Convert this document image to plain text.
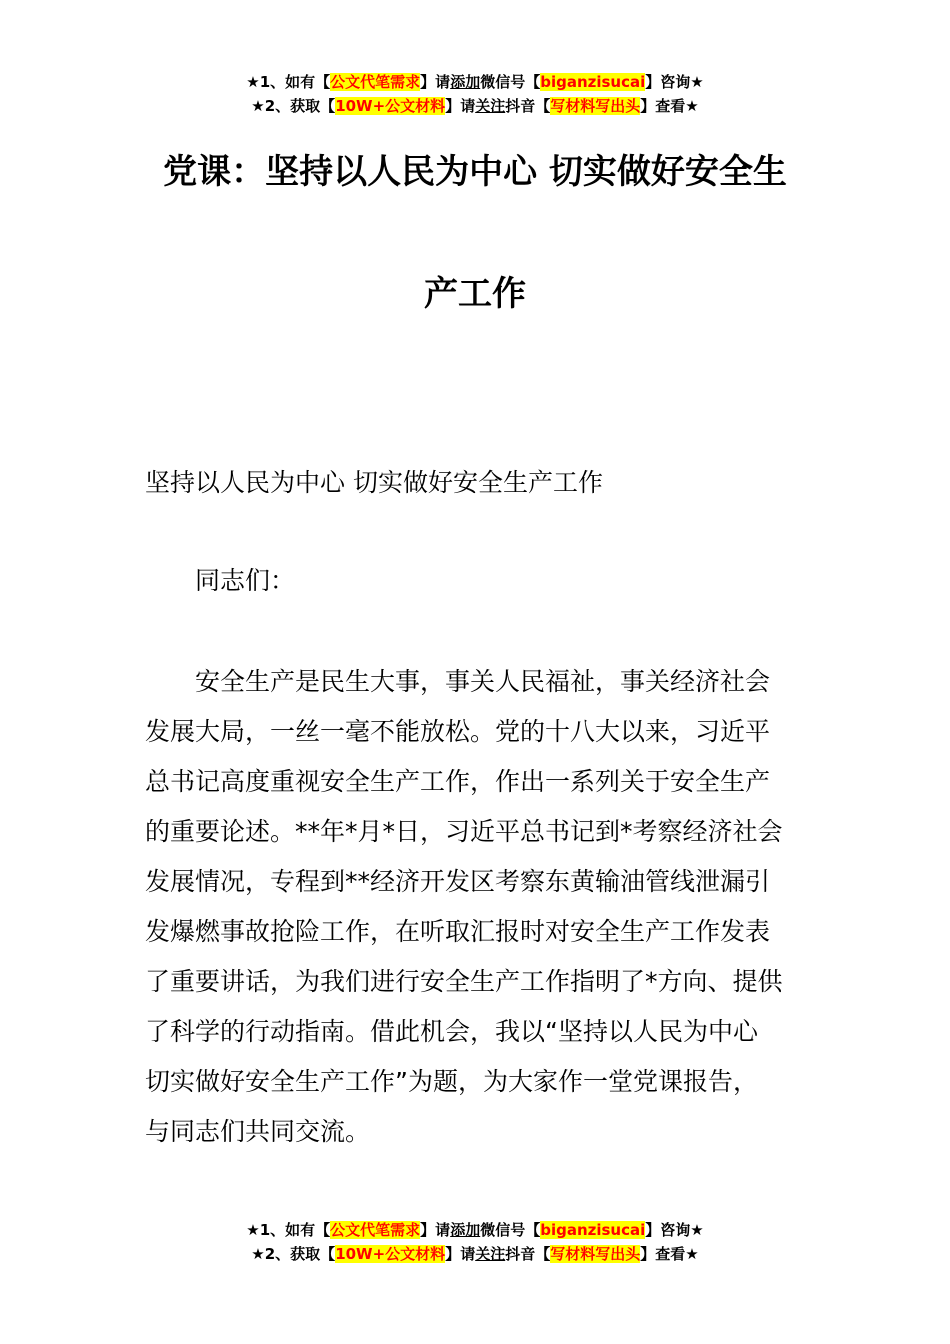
★1、如有【公文代笔需求】请添加微信号【biganzisucai】咨询★
★2、获取【10W+公文材料】请关注抖音【写材料写出头】查看★
党课：坚持以人民为中心 切实做好安全生
产工作

坚持以人民为中心 切实做好安全生产工作

同志们：

安全生产是民生大事，事关人民福祉，事关经济社会
发展大局，一丝一毫不能放松。党的十八大以来，习近平
总书记高度重视安全生产工作，作出一系列关于安全生产
的重要论述。**年*月*日，习近平总书记到*考察经济社会
发展情况，专程到**经济开发区考察东黄输油管线泄漏引
发爆燃事故抢险工作，在听取汇报时对安全生产工作发表
了重要讲话，为我们进行安全生产工作指明了*方向、提供
了科学的行动指南。借此机会，我以“坚持以人民为中心
切实做好安全生产工作”为题，为大家作一堂党课报告，
与同志们共同交流。
★1、如有【公文代笔需求】请添加微信号【biganzisucai】咨询★
★2、获取【10W+公文材料】请关注抖音【写材料写出头】查看★
